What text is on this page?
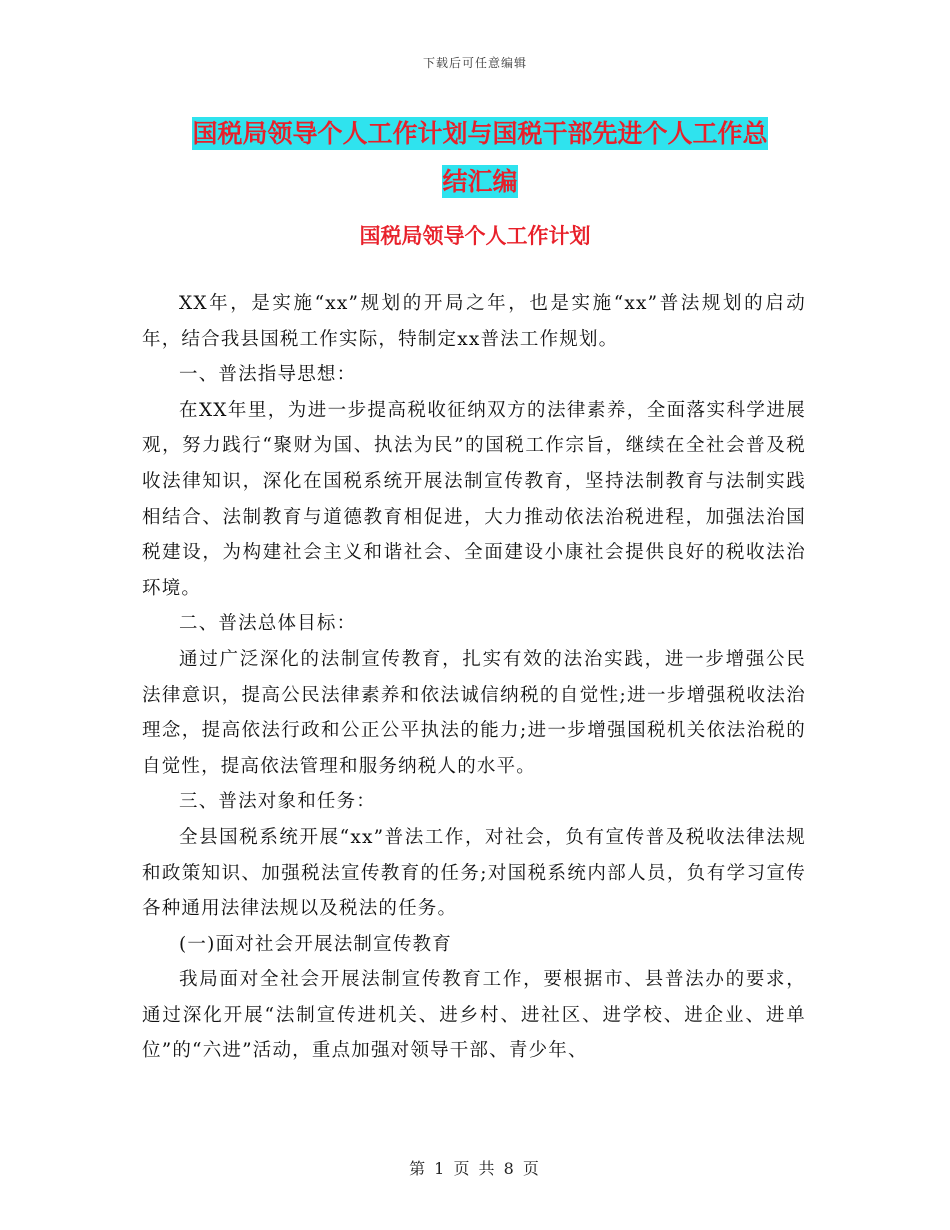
下载后可任意编辑
国税局领导个人工作计划与国税干部先进个人工作总
结汇编
国税局领导个人工作计划

XX年，是实施“xx”规划的开局之年，也是实施“xx”普法规划的启动年，结合我县国税工作实际，特制定xx普法工作规划。

一、普法指导思想：

在XX年里，为进一步提高税收征纳双方的法律素养，全面落实科学进展观，努力践行“聚财为国、执法为民”的国税工作宗旨，继续在全社会普及税收法律知识，深化在国税系统开展法制宣传教育，坚持法制教育与法制实践相结合、法制教育与道德教育相促进，大力推动依法治税进程，加强法治国税建设，为构建社会主义和谐社会、全面建设小康社会提供良好的税收法治环境。

二、普法总体目标：

通过广泛深化的法制宣传教育，扎实有效的法治实践，进一步增强公民法律意识，提高公民法律素养和依法诚信纳税的自觉性;进一步增强税收法治理念，提高依法行政和公正公平执法的能力;进一步增强国税机关依法治税的自觉性，提高依法管理和服务纳税人的水平。

三、普法对象和任务：

全县国税系统开展“xx”普法工作，对社会，负有宣传普及税收法律法规和政策知识、加强税法宣传教育的任务;对国税系统内部人员，负有学习宣传各种通用法律法规以及税法的任务。

(一)面对社会开展法制宣传教育

我局面对全社会开展法制宣传教育工作，要根据市、县普法办的要求，通过深化开展“法制宣传进机关、进乡村、进社区、进学校、进企业、进单位”的“六进”活动，重点加强对领导干部、青少年、

第 1 页 共 8 页
